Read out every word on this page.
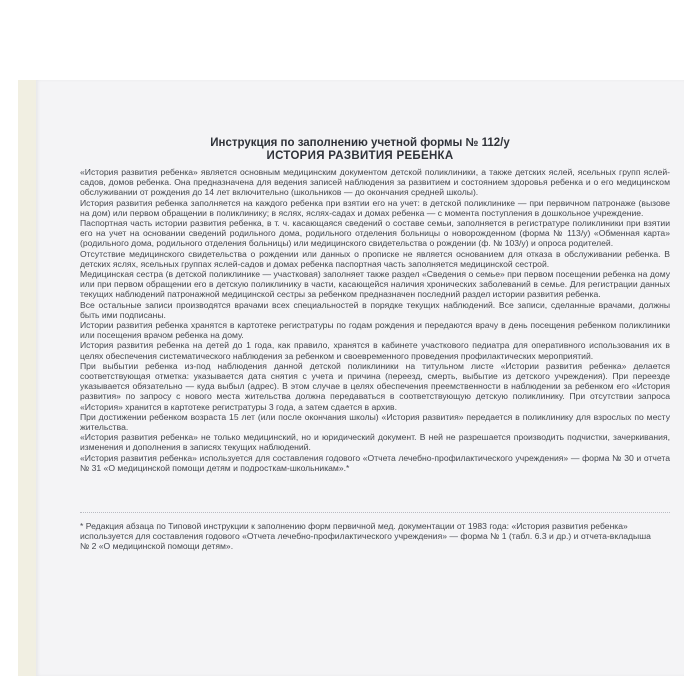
Инструкция по заполнению учетной формы № 112/у
ИСТОРИЯ РАЗВИТИЯ РЕБЕНКА

«История развития ребенка» является основным медицинским документом детской поликлиники, а также детских яслей, ясельных групп яслей-садов, домов ребенка. Она предназначена для ведения записей наблюдения за развитием и состоянием здоровья ребенка и о его медицинском обслуживании от рождения до 14 лет включительно (школьников — до окончания средней школы).

История развития ребенка заполняется на каждого ребенка при взятии его на учет: в детской поликлинике — при первичном патронаже (вызове на дом) или первом обращении в поликлинику; в яслях, яслях-садах и домах ребенка — с момента поступления в дошкольное учреждение.

Паспортная часть истории развития ребенка, в т. ч. касающаяся сведений о составе семьи, заполняется в регистратуре поликлиники при взятии его на учет на основании сведений родильного дома, родильного отделения больницы о новорожденном (форма № 113/у) «Обменная карта» (родильного дома, родильного отделения больницы) или медицинского свидетельства о рождении (ф. № 103/у) и опроса родителей.

Отсутствие медицинского свидетельства о рождении или данных о прописке не является основанием для отказа в обслуживании ребенка. В детских яслях, ясельных группах яслей-садов и домах ребенка паспортная часть заполняется медицинской сестрой.

Медицинская сестра (в детской поликлинике — участковая) заполняет также раздел «Сведения о семье» при первом посещении ребенка на дому или при первом обращении его в детскую поликлинику в части, касающейся наличия хронических заболеваний в семье. Для регистрации данных текущих наблюдений патронажной медицинской сестры за ребенком предназначен последний раздел истории развития ребенка.

Все остальные записи производятся врачами всех специальностей в порядке текущих наблюдений. Все записи, сделанные врачами, должны быть ими подписаны.

Истории развития ребенка хранятся в картотеке регистратуры по годам рождения и передаются врачу в день посещения ребенком поликлиники или посещения врачом ребенка на дому.

История развития ребенка на детей до 1 года, как правило, хранятся в кабинете участкового педиатра для оперативного использования их в целях обеспечения систематического наблюдения за ребенком и своевременного проведения профилактических мероприятий.

При выбытии ребенка из-под наблюдения данной детской поликлиники на титульном листе «Истории развития ребенка» делается соответствующая отметка: указывается дата снятия с учета и причина (переезд, смерть, выбытие из детского учреждения). При переезде указывается обязательно — куда выбыл (адрес). В этом случае в целях обеспечения преемственности в наблюдении за ребенком его «История развития» по запросу с нового места жительства должна передаваться в соответствующую детскую поликлинику. При отсутствии запроса «История» хранится в картотеке регистратуры 3 года, а затем сдается в архив.

При достижении ребенком возраста 15 лет (или после окончания школы) «История развития» передается в поликлинику для взрослых по месту жительства.

«История развития ребенка» не только медицинский, но и юридический документ. В ней не разрешается производить подчистки, зачеркивания, изменения и дополнения в записях текущих наблюдений.

«История развития ребенка» используется для составления годового «Отчета лечебно-профилактического учреждения» — форма № 30 и отчета № 31 «О медицинской помощи детям и подросткам-школьникам».*

* Редакция абзаца по Типовой инструкции к заполнению форм первичной мед. документации от 1983 года: «История развития ребенка» используется для составления годового «Отчета лечебно-профилактического учреждения» — форма № 1 (табл. 6.3 и др.) и отчета-вкладыша № 2 «О медицинской помощи детям».
